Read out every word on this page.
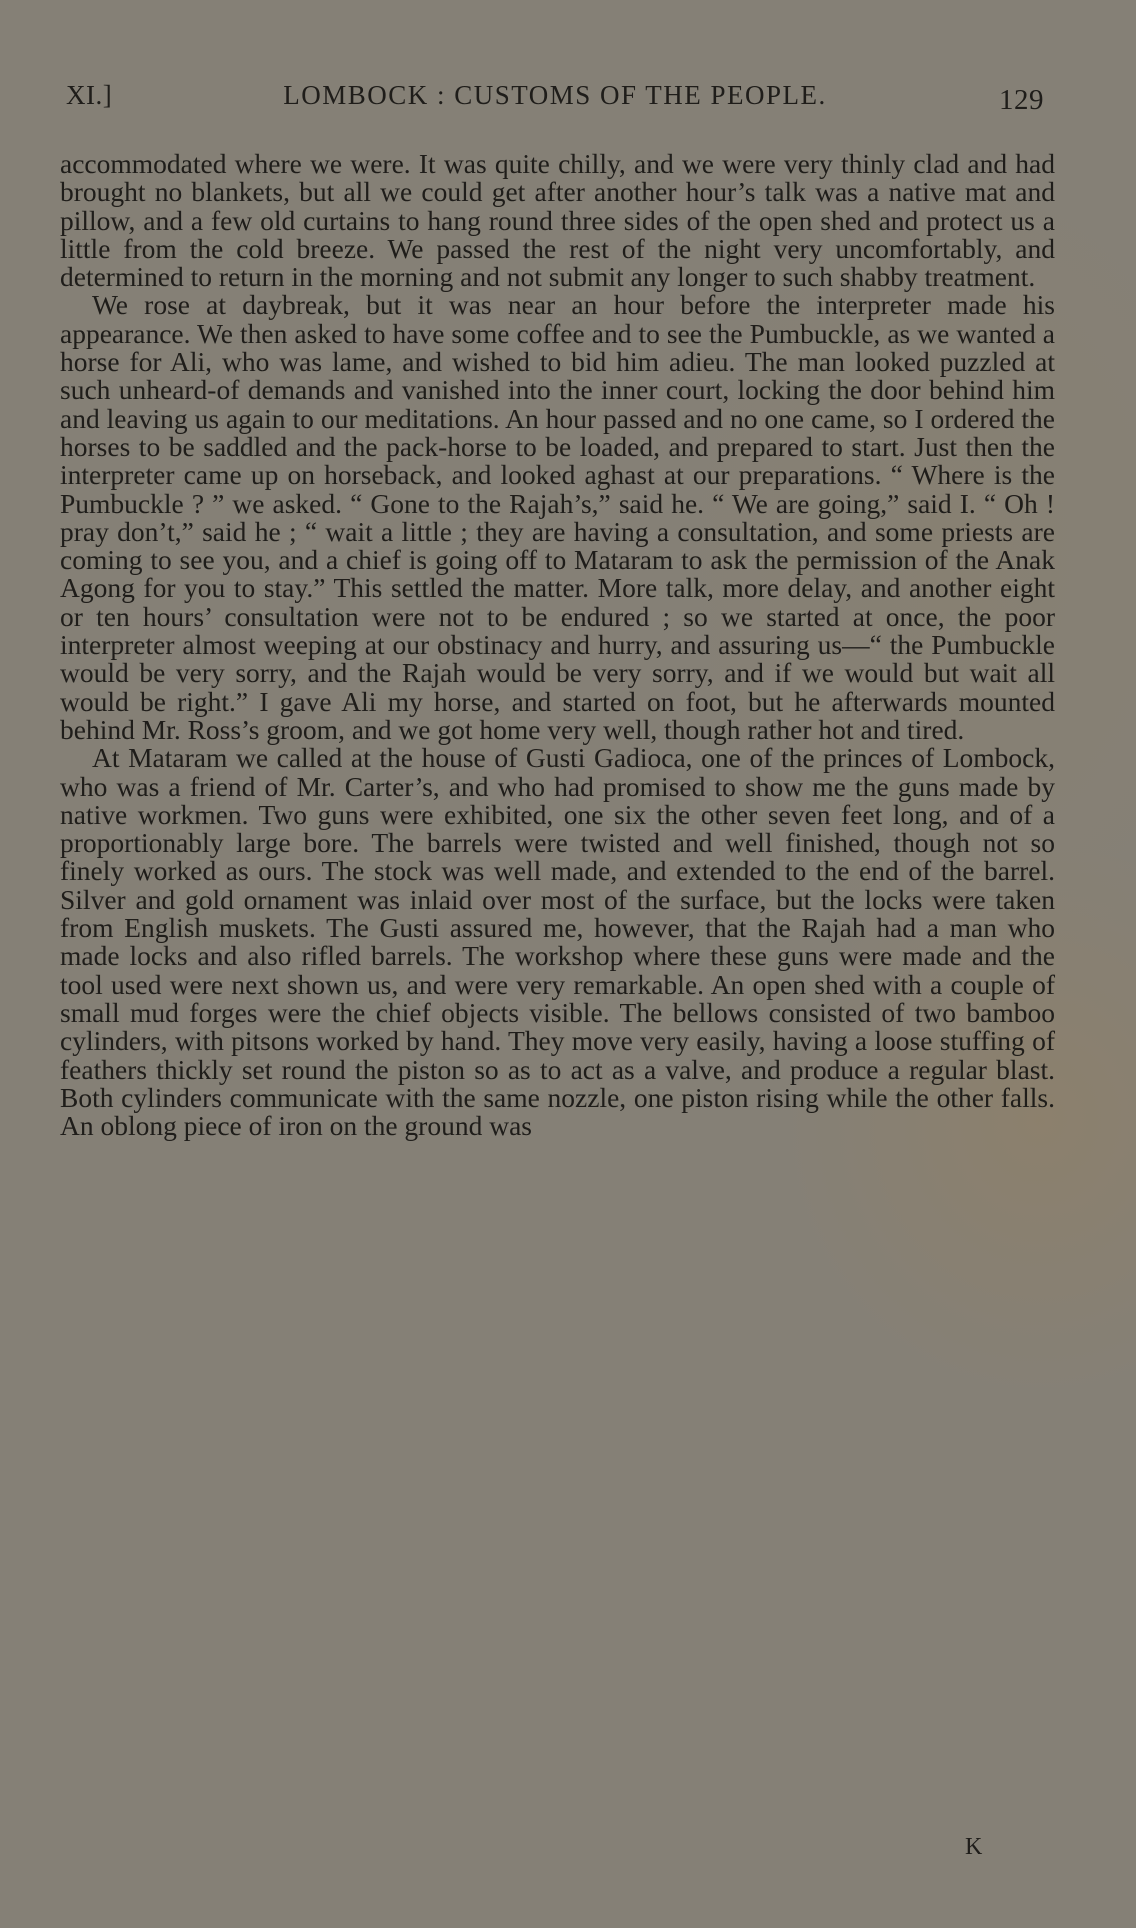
XI.]	LOMBOCK : CUSTOMS OF THE PEOPLE.	129

accommodated where we were. It was quite chilly, and we were very thinly clad and had brought no blankets, but all we could get after another hour’s talk was a native mat and pillow, and a few old curtains to hang round three sides of the open shed and protect us a little from the cold breeze. We passed the rest of the night very uncomfortably, and determined to return in the morning and not submit any longer to such shabby treatment.

We rose at daybreak, but it was near an hour before the interpreter made his appearance. We then asked to have some coffee and to see the Pumbuckle, as we wanted a horse for Ali, who was lame, and wished to bid him adieu. The man looked puzzled at such unheard-of demands and vanished into the inner court, locking the door behind him and leaving us again to our meditations. An hour passed and no one came, so I ordered the horses to be saddled and the pack-horse to be loaded, and prepared to start. Just then the interpreter came up on horseback, and looked aghast at our preparations. “ Where is the Pumbuckle ? ” we asked. “ Gone to the Rajah’s,” said he. “ We are going,” said I. “ Oh ! pray don’t,” said he ; “ wait a little ; they are having a consultation, and some priests are coming to see you, and a chief is going off to Mataram to ask the permission of the Anak Agong for you to stay.” This settled the matter. More talk, more delay, and another eight or ten hours’ consultation were not to be endured ; so we started at once, the poor interpreter almost weeping at our obstinacy and hurry, and assuring us—“ the Pumbuckle would be very sorry, and the Rajah would be very sorry, and if we would but wait all would be right.” I gave Ali my horse, and started on foot, but he afterwards mounted behind Mr. Ross’s groom, and we got home very well, though rather hot and tired.

At Mataram we called at the house of Gusti Gadioca, one of the princes of Lombock, who was a friend of Mr. Carter’s, and who had promised to show me the guns made by native workmen. Two guns were exhibited, one six the other seven feet long, and of a proportionably large bore. The barrels were twisted and well finished, though not so finely worked as ours. The stock was well made, and extended to the end of the barrel. Silver and gold ornament was inlaid over most of the surface, but the locks were taken from English muskets. The Gusti assured me, however, that the Rajah had a man who made locks and also rifled barrels. The workshop where these guns were made and the tool used were next shown us, and were very remarkable. An open shed with a couple of small mud forges were the chief objects visible. The bellows consisted of two bamboo cylinders, with pitsons worked by hand. They move very easily, having a loose stuffing of feathers thickly set round the piston so as to act as a valve, and produce a regular blast. Both cylinders communicate with the same nozzle, one piston rising while the other falls. An oblong piece of iron on the ground was

K
